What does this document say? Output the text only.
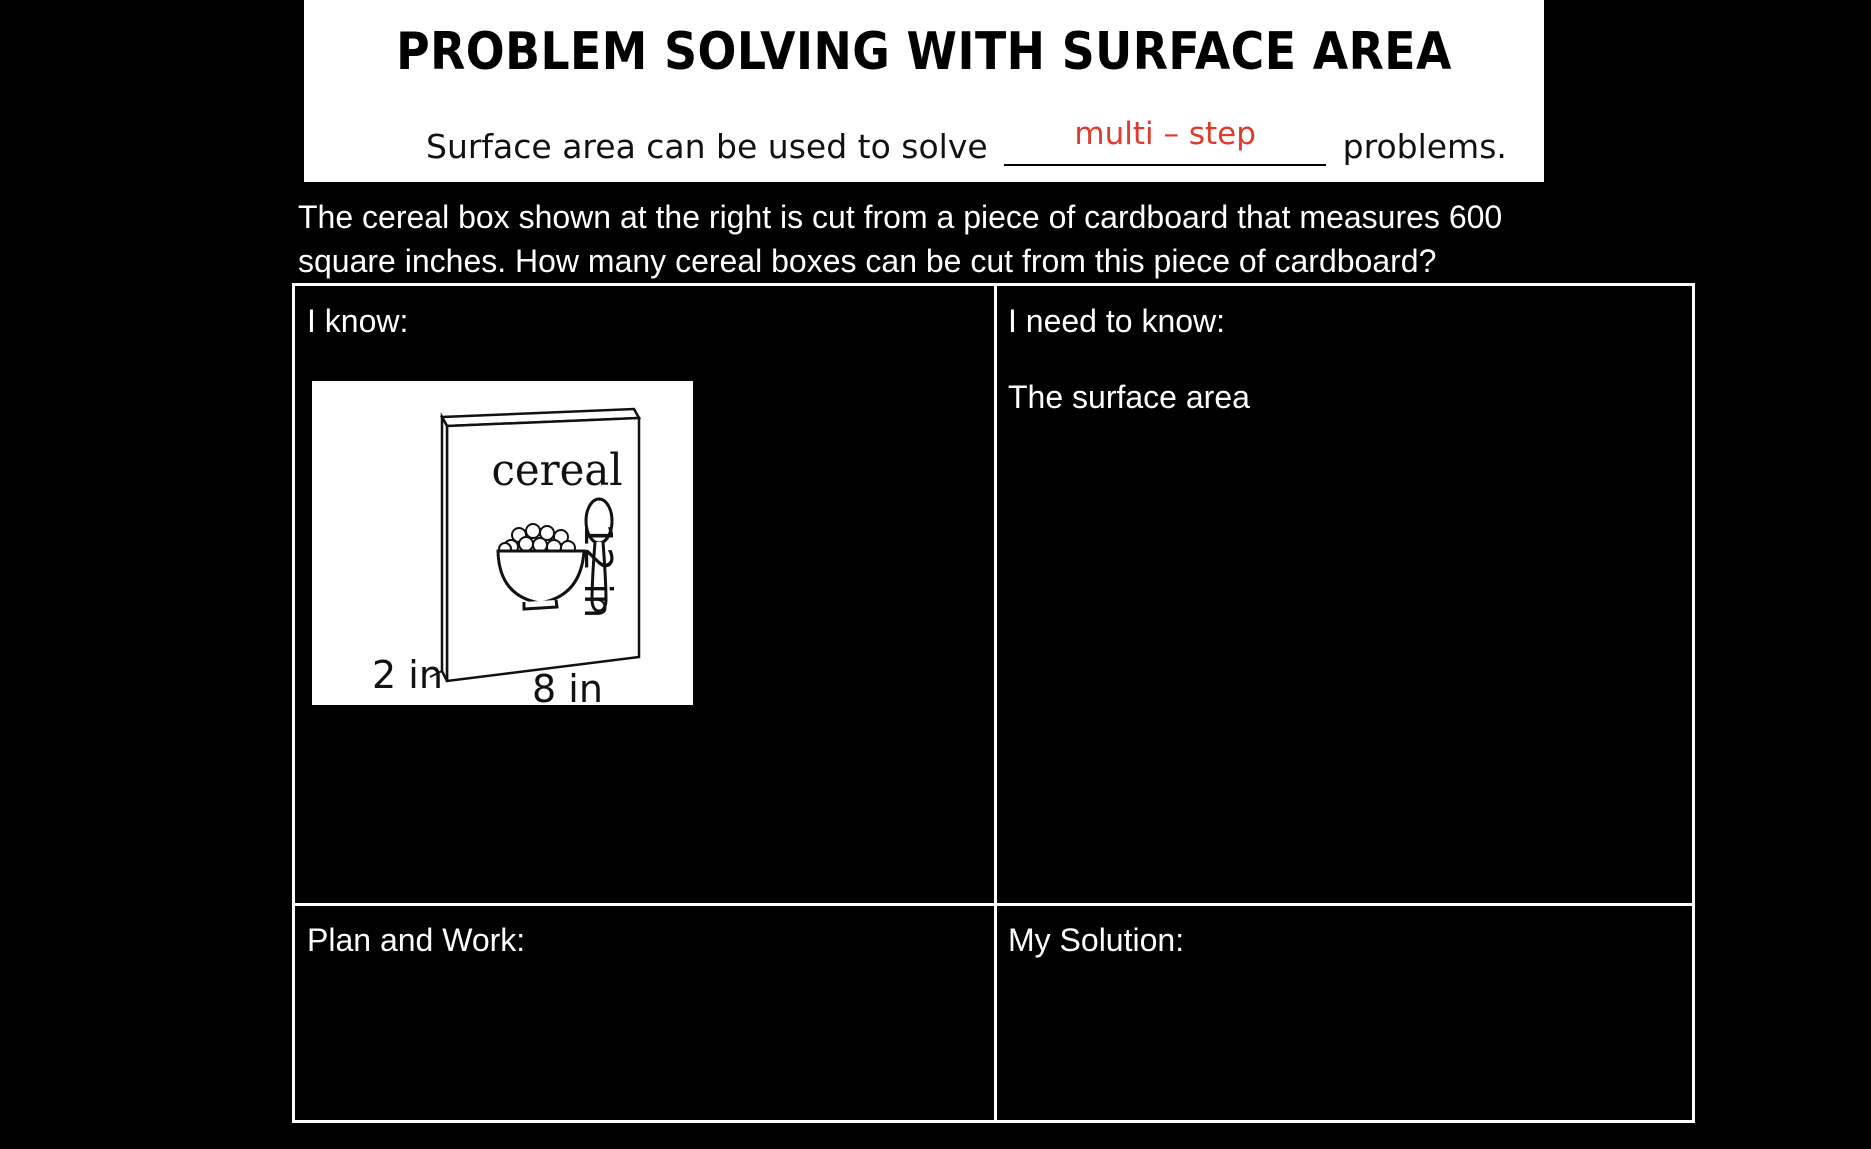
PROBLEM SOLVING WITH SURFACE AREA
Surface area can be used to solve	multi – step	problems.
The cereal box shown at the right is cut from a piece of cardboard that measures 600 square inches. How many cereal boxes can be cut from this piece of cardboard?
I know:	I need to know:
The surface area
Plan and Work:	My Solution:
cereal
12 in
2 in 8 in
